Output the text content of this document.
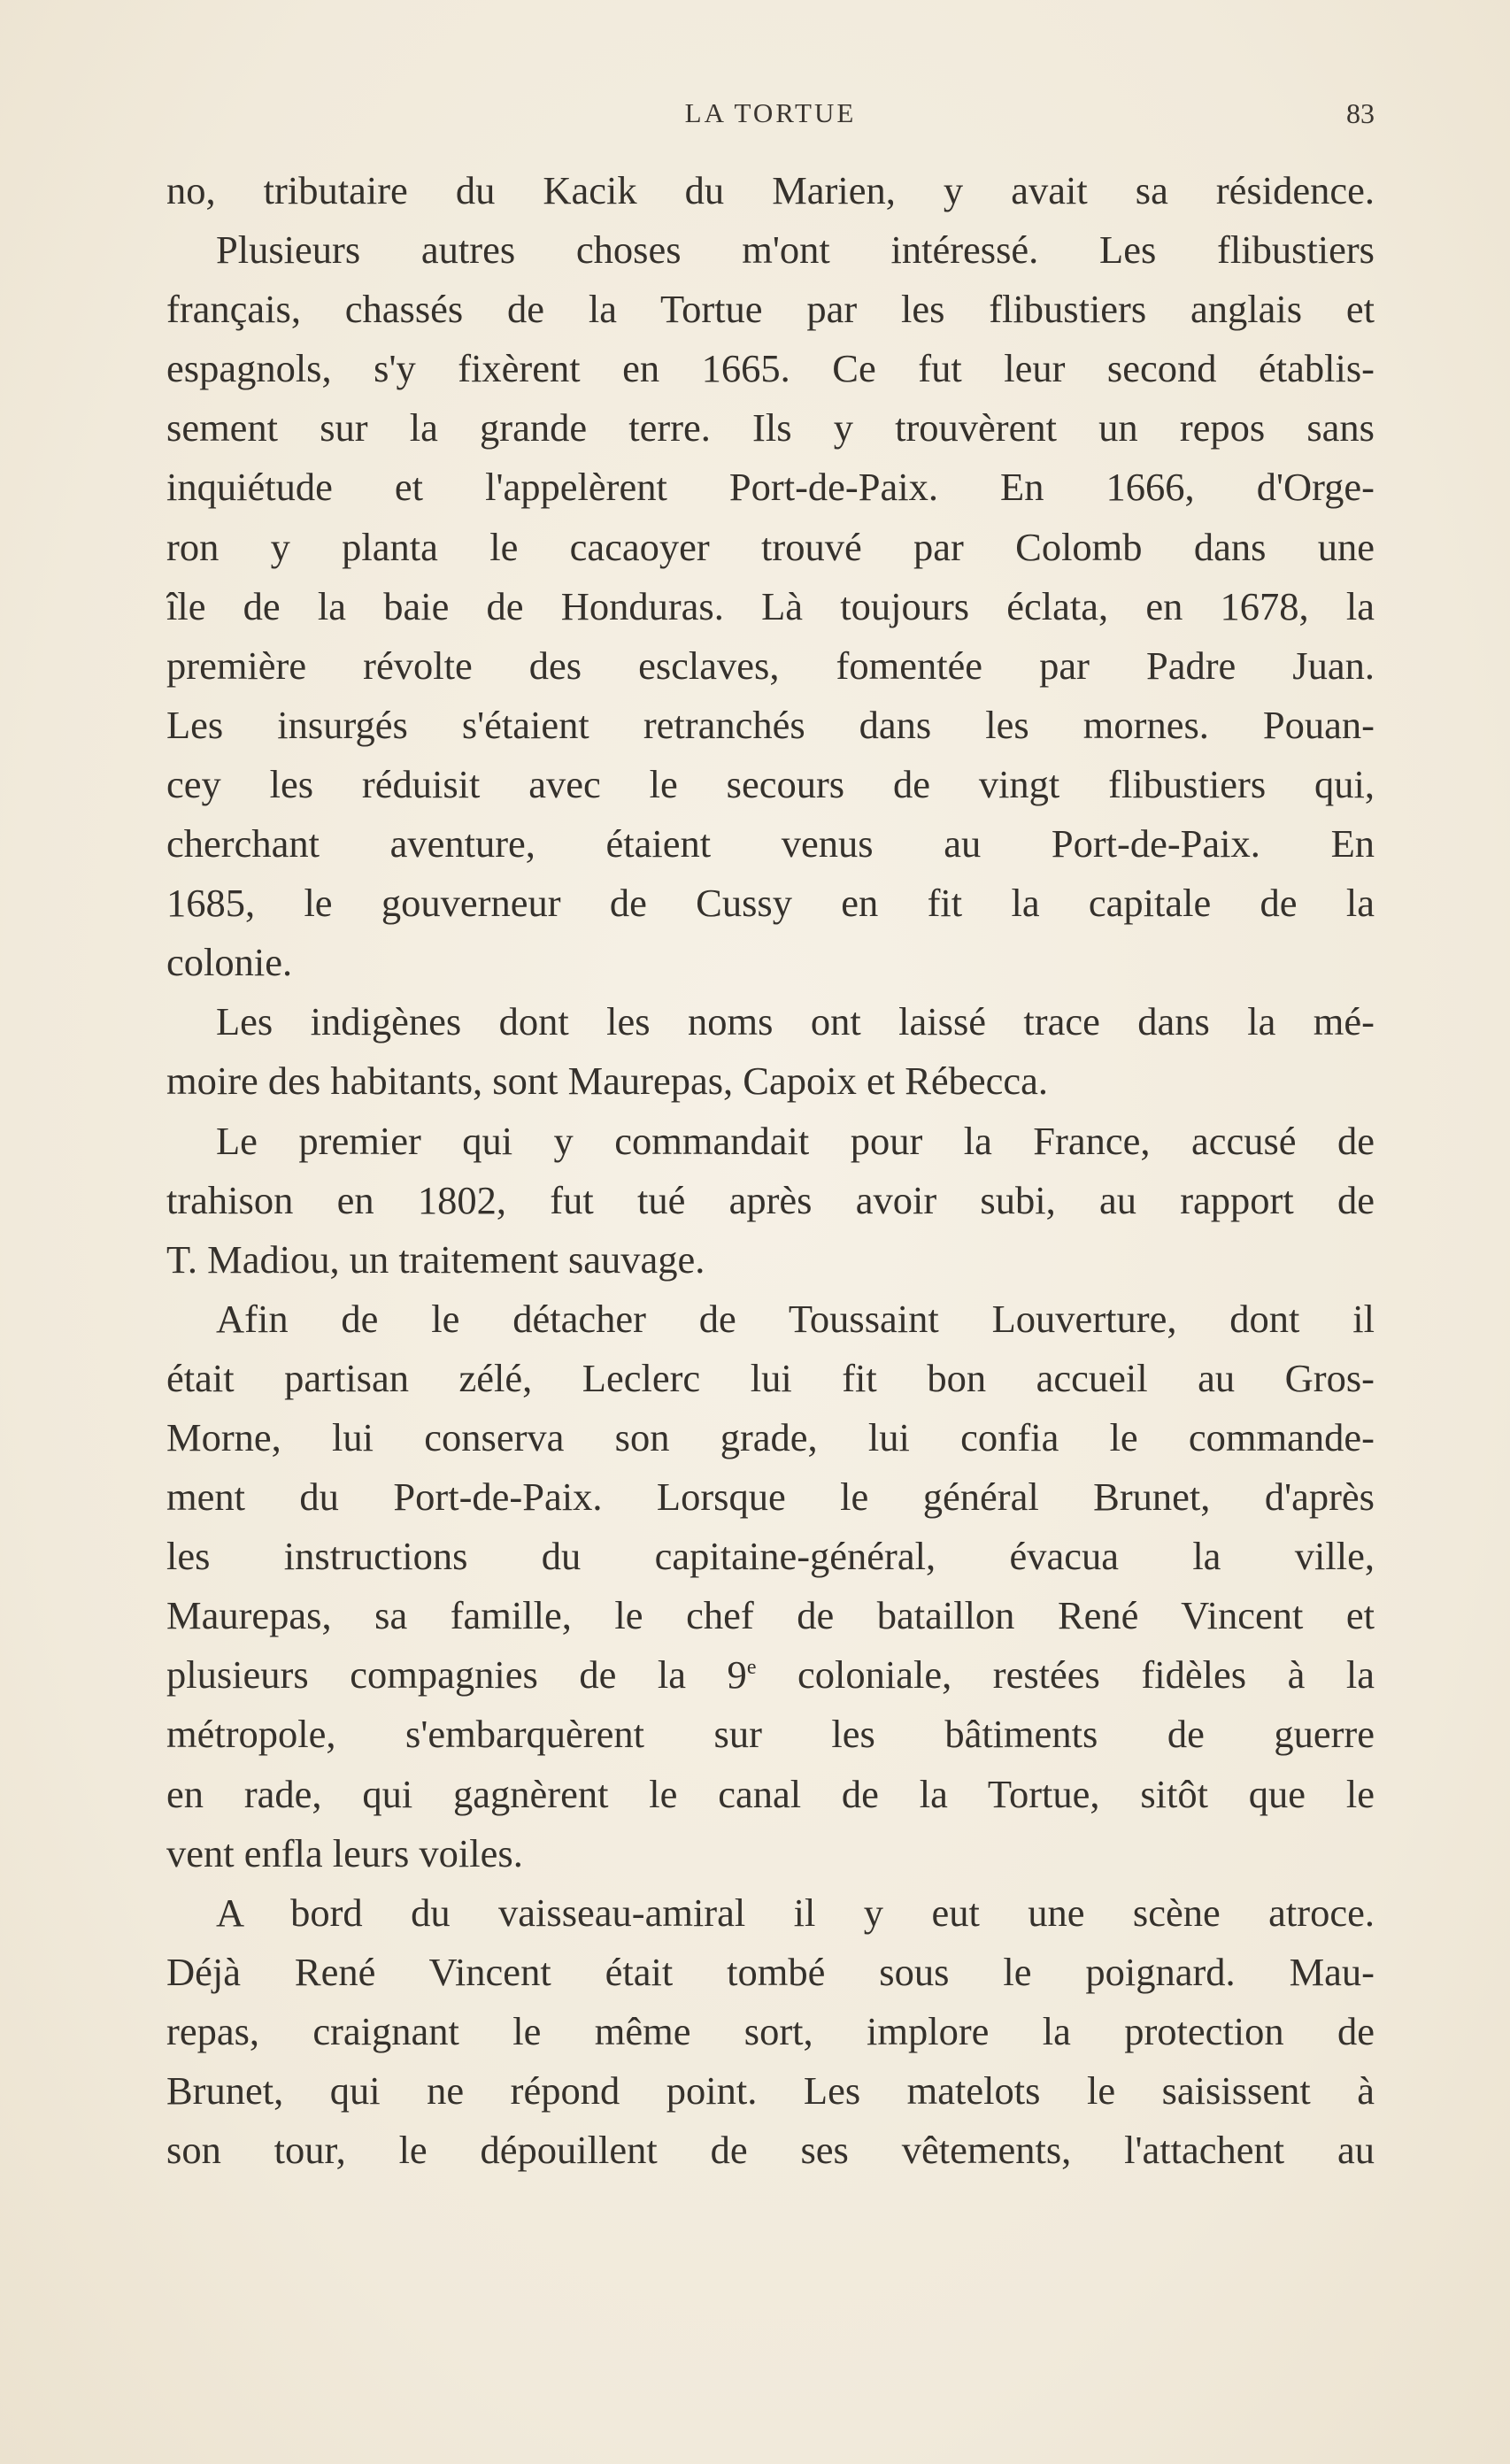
LA TORTUE	83
no, tributaire du Kacik du Marien, y avait sa résidence.
Plusieurs autres choses m'ont intéressé. Les flibustiers
français, chassés de la Tortue par les flibustiers anglais et
espagnols, s'y fixèrent en 1665. Ce fut leur second établis-
sement sur la grande terre. Ils y trouvèrent un repos sans
inquiétude et l'appelèrent Port-de-Paix. En 1666, d'Orge-
ron y planta le cacaoyer trouvé par Colomb dans une
île de la baie de Honduras. Là toujours éclata, en 1678, la
première révolte des esclaves, fomentée par Padre Juan.
Les insurgés s'étaient retranchés dans les mornes. Pouan-
cey les réduisit avec le secours de vingt flibustiers qui,
cherchant aventure, étaient venus au Port-de-Paix. En
1685, le gouverneur de Cussy en fit la capitale de la
colonie.
Les indigènes dont les noms ont laissé trace dans la mé-
moire des habitants, sont Maurepas, Capoix et Rébecca.
Le premier qui y commandait pour la France, accusé de
trahison en 1802, fut tué après avoir subi, au rapport de
T. Madiou, un traitement sauvage.
Afin de le détacher de Toussaint Louverture, dont il
était partisan zélé, Leclerc lui fit bon accueil au Gros-
Morne, lui conserva son grade, lui confia le commande-
ment du Port-de-Paix. Lorsque le général Brunet, d'après
les instructions du capitaine-général, évacua la ville,
Maurepas, sa famille, le chef de bataillon René Vincent et
plusieurs compagnies de la 9e coloniale, restées fidèles à la
métropole, s'embarquèrent sur les bâtiments de guerre
en rade, qui gagnèrent le canal de la Tortue, sitôt que le
vent enfla leurs voiles.
A bord du vaisseau-amiral il y eut une scène atroce.
Déjà René Vincent était tombé sous le poignard. Mau-
repas, craignant le même sort, implore la protection de
Brunet, qui ne répond point. Les matelots le saisissent à
son tour, le dépouillent de ses vêtements, l'attachent au
